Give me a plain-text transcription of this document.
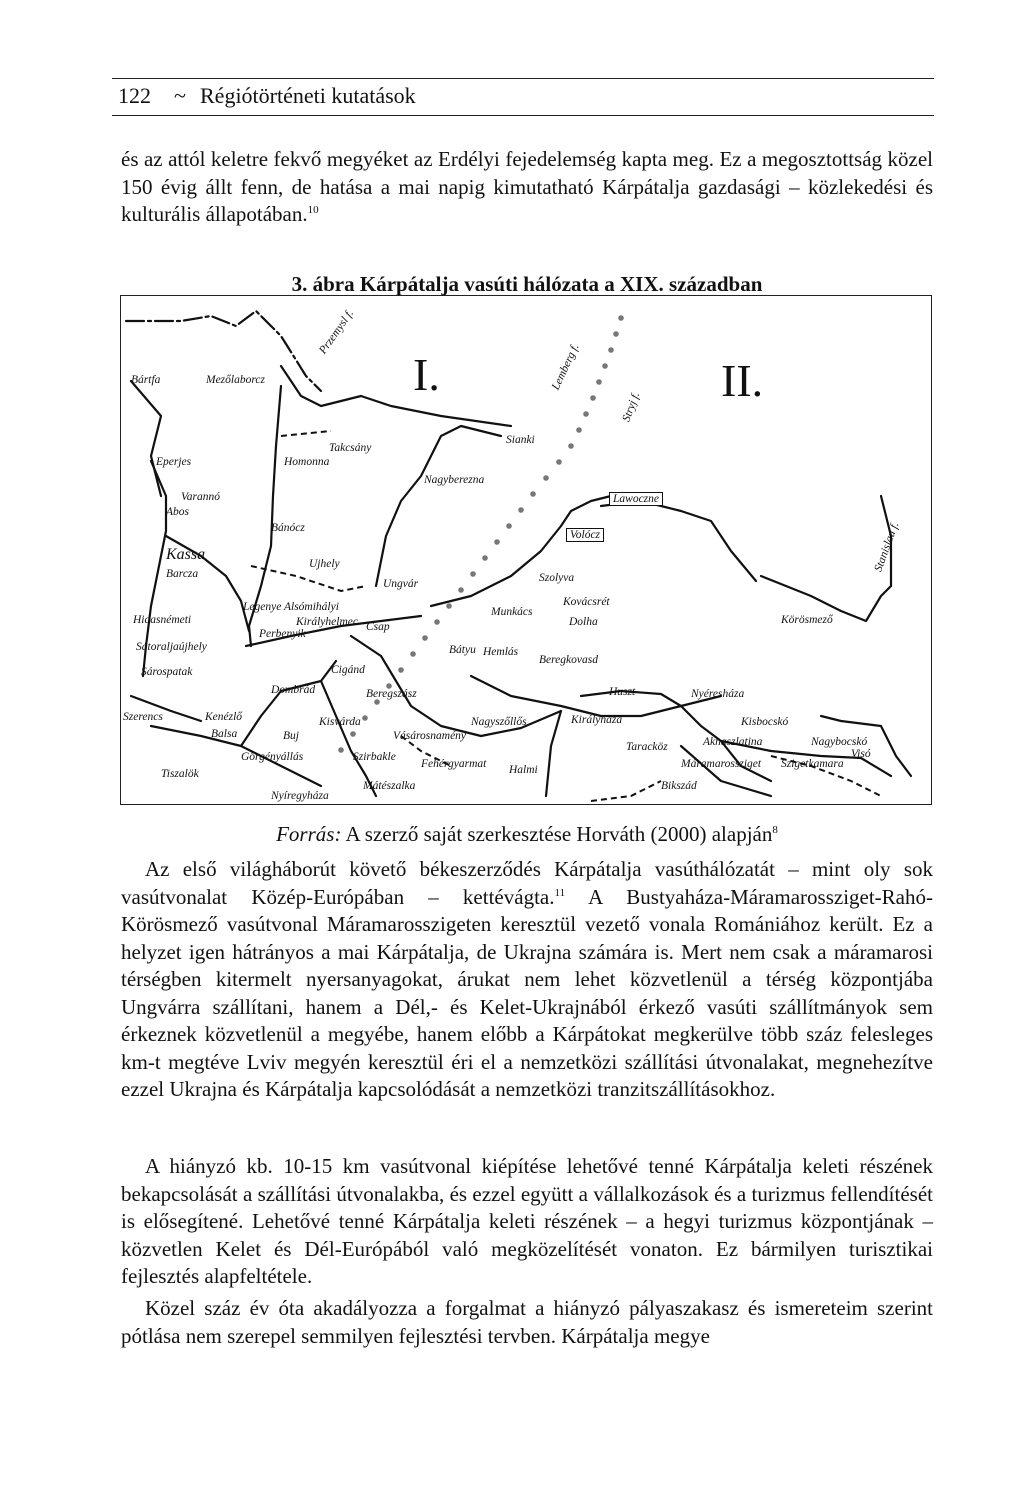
122 ~ Régiótörténeti kutatások
és az attól keletre fekvő megyéket az Erdélyi fejedelemség kapta meg. Ez a megosztottság közel 150 évig állt fenn, de hatása a mai napig kimutatható Kárpátalja gazdasági – közlekedési és kulturális állapotában.$^{10}$
3. ábra Kárpátalja vasúti hálózata a XIX. században
I.	II.
Przemysl f.
Lemberg f.
Stryj f.
Stanislau f.
Bártfa	Mezőlaborcz
Sianki
Takcsány
Homonna
Nagyberezna
Lawoczne
Eperjes
Varannó
Abos
Bánócz
Volócz
Kassa
Barcza
Ujhely
Ungvár	Szolyva
Legenye Alsómihályi
Királyhelmec Csap
Munkács
Kovácsrét
Dolha
Hidasnémeti
Perbenyik
Körösmező
Sátoraljaújhely	Bátyu Hemlás
Beregkovasd
Sárospatak	Cigánd
Dombrád	Beregszász	Huszt	Nyéresháza
Szerencs	Kenézlő	Kisvárda	Nagyszőllős	Királyháza	Kisbocskó
Balsa	Buj	Vásárosnamény
Taracköz	Aknaszlatina	Nagybocskó
Visó
Görgényállás	Szirbakle
Fehérgyarmat Halmi	Máramarossziget Szigetkamara
Tiszalök
Mátészalka	Bikszád
Nyíregyháza
Forrás: A szerző saját szerkesztése Horváth (2000) alapján$^8$
Az első világháborút követő békeszerződés Kárpátalja vasúthálózatát – mint oly sok vasútvonalat Közép-Európában – kettévágta.$^{11}$ A Bustyaháza-Máramarossziget-Rahó- Körösmező vasútvonal Máramarosszigeten keresztül vezető vonala Romániához került. Ez a helyzet igen hátrányos a mai Kárpátalja, de Ukrajna számára is. Mert nem csak a máramarosi térségben kitermelt nyersanyagokat, árukat nem lehet közvetlenül a térség központjába Ungvárra szállítani, hanem a Dél,- és Kelet-Ukrajnából érkező vasúti szállítmányok sem érkeznek közvetlenül a megyébe, hanem előbb a Kárpátokat megkerülve több száz felesleges km-t megtéve Lviv megyén keresztül éri el a nemzetközi szállítási útvonalakat, megnehezítve ezzel Ukrajna és Kárpátalja kapcsolódását a nemzetközi tranzitszállításokhoz.
A hiányzó kb. 10-15 km vasútvonal kiépítése lehetővé tenné Kárpátalja keleti részének bekapcsolását a szállítási útvonalakba, és ezzel együtt a vállalkozások és a turizmus fellendítését is elősegítené. Lehetővé tenné Kárpátalja keleti részének – a hegyi turizmus központjának – közvetlen Kelet és Dél-Európából való megközelítését vonaton. Ez bármilyen turisztikai fejlesztés alapfeltétele.
Közel száz év óta akadályozza a forgalmat a hiányzó pályaszakasz és ismereteim szerint pótlása nem szerepel semmilyen fejlesztési tervben. Kárpátalja megye
